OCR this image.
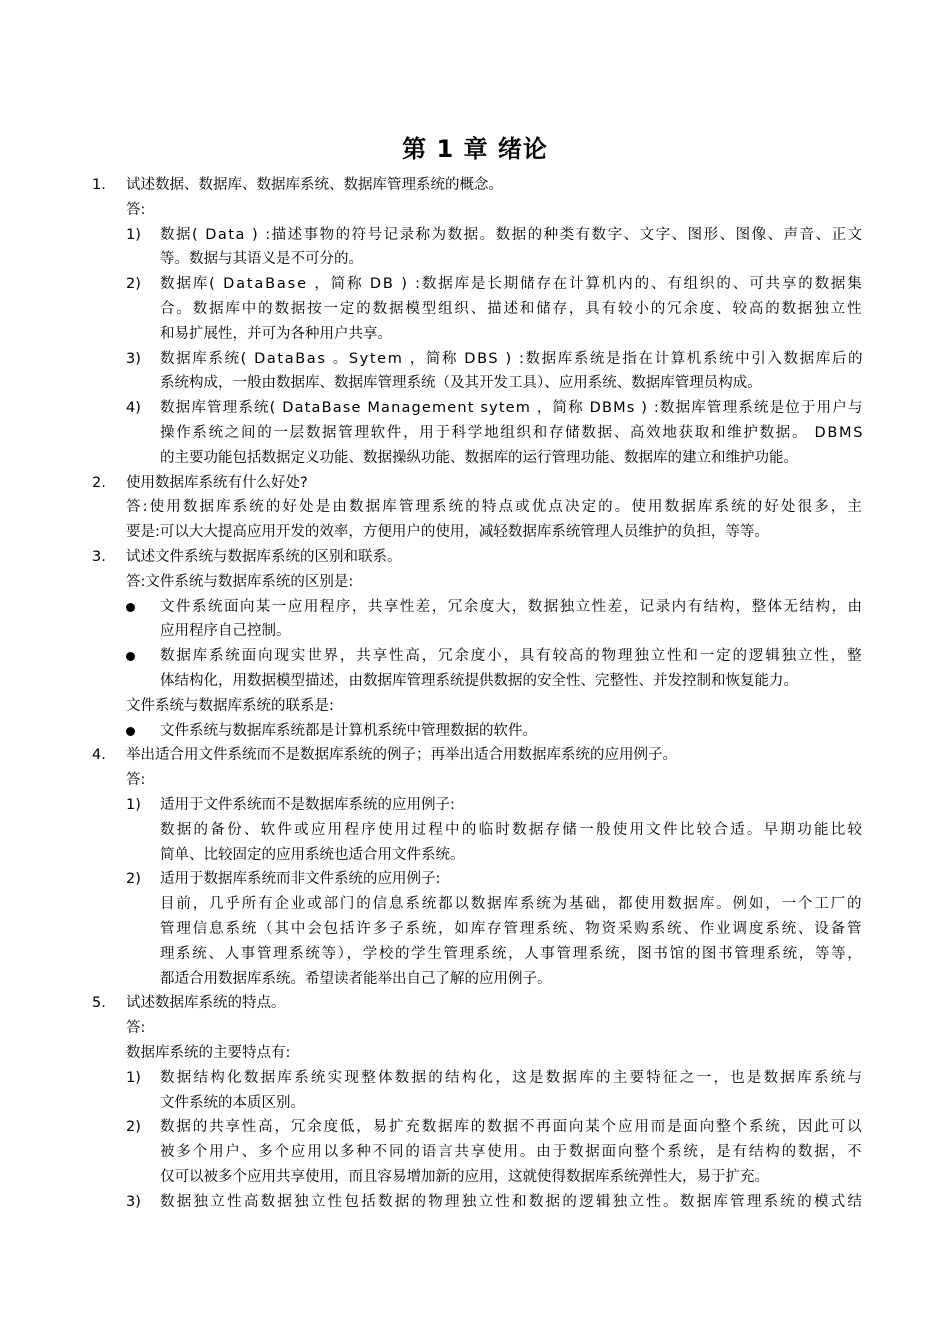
第 1 章 绪论
1. 试述数据、数据库、数据库系统、数据库管理系统的概念。
答:
1) 数据( Data ) :描述事物的符号记录称为数据。数据的种类有数字、文字、图形、图像、声音、正文
等。数据与其语义是不可分的。
2) 数据库( DataBase ，简称 DB ) :数据库是长期储存在计算机内的、有组织的、可共享的数据集
合。数据库中的数据按一定的数据模型组织、描述和储存，具有较小的冗余度、较高的数据独立性
和易扩展性，并可为各种用户共享。
3) 数据库系统( DataBas 。Sytem ，简称 DBS ) :数据库系统是指在计算机系统中引入数据库后的
系统构成，一般由数据库、数据库管理系统（及其开发工具）、应用系统、数据库管理员构成。
4) 数据库管理系统( DataBase Management sytem ，简称 DBMs ) :数据库管理系统是位于用户与
操作系统之间的一层数据管理软件，用于科学地组织和存储数据、高效地获取和维护数据。 DBMS
的主要功能包括数据定义功能、数据操纵功能、数据库的运行管理功能、数据库的建立和维护功能。
2. 使用数据库系统有什么好处?
答:使用数据库系统的好处是由数据库管理系统的特点或优点决定的。使用数据库系统的好处很多，主
要是:可以大大提高应用开发的效率，方便用户的使用，减轻数据库系统管理人员维护的负担，等等。
3. 试述文件系统与数据库系统的区别和联系。
答:文件系统与数据库系统的区别是:
文件系统面向某一应用程序，共享性差，冗余度大，数据独立性差，记录内有结构，整体无结构，由
应用程序自己控制。
数据库系统面向现实世界，共享性高，冗余度小，具有较高的物理独立性和一定的逻辑独立性，整
体结构化，用数据模型描述，由数据库管理系统提供数据的安全性、完整性、并发控制和恢复能力。
文件系统与数据库系统的联系是:
文件系统与数据库系统都是计算机系统中管理数据的软件。
4. 举出适合用文件系统而不是数据库系统的例子；再举出适合用数据库系统的应用例子。
答:
1) 适用于文件系统而不是数据库系统的应用例子:
数据的备份、软件或应用程序使用过程中的临时数据存储一般使用文件比较合适。早期功能比较
简单、比较固定的应用系统也适合用文件系统。
2) 适用于数据库系统而非文件系统的应用例子:
目前，几乎所有企业或部门的信息系统都以数据库系统为基础，都使用数据库。例如，一个工厂的
管理信息系统（其中会包括许多子系统，如库存管理系统、物资采购系统、作业调度系统、设备管
理系统、人事管理系统等），学校的学生管理系统，人事管理系统，图书馆的图书管理系统，等等，
都适合用数据库系统。希望读者能举出自己了解的应用例子。
5. 试述数据库系统的特点。
答:
数据库系统的主要特点有:
1) 数据结构化数据库系统实现整体数据的结构化，这是数据库的主要特征之一，也是数据库系统与
文件系统的本质区别。
2) 数据的共享性高，冗余度低，易扩充数据库的数据不再面向某个应用而是面向整个系统，因此可以
被多个用户、多个应用以多种不同的语言共享使用。由于数据面向整个系统，是有结构的数据，不
仅可以被多个应用共享使用，而且容易增加新的应用，这就使得数据库系统弹性大，易于扩充。
3) 数据独立性高数据独立性包括数据的物理独立性和数据的逻辑独立性。数据库管理系统的模式结
